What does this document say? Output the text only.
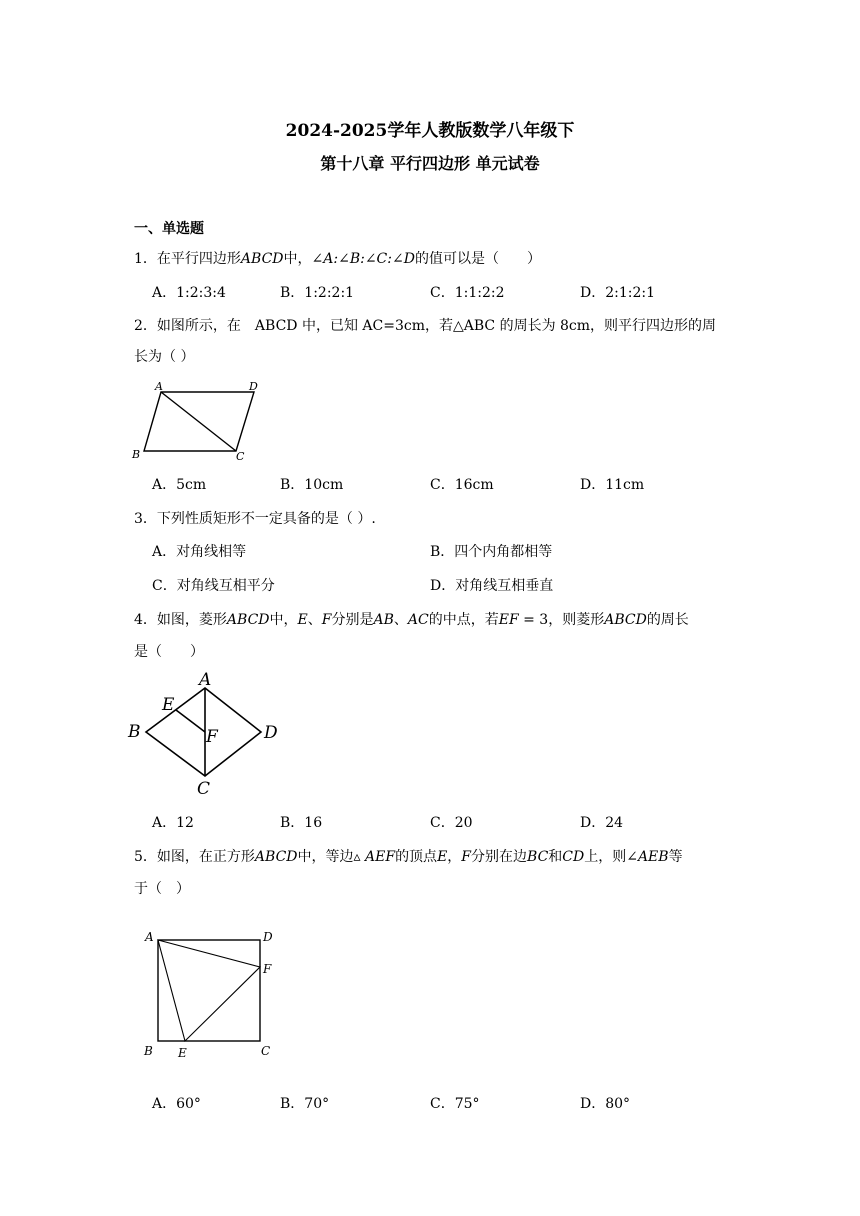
2024-2025学年人教版数学八年级下
第十八章 平行四边形 单元试卷
一、单选题
1．在平行四边形ABCD中，∠A:∠B:∠C:∠D的值可以是（　　）
A．1:2:3:4	B．1:2:2:1	C．1:1:2:2	D．2:1:2:1
2．如图所示，在　ABCD 中，已知 AC=3cm，若△ABC 的周长为 8cm，则平行四边形的周
长为（ ）
A	D
B	C
A．5cm	B．10cm	C．16cm	D．11cm
3．下列性质矩形不一定具备的是（ ）.
A．对角线相等	B．四个内角都相等
C．对角线互相平分	D．对角线互相垂直
4．如图，菱形ABCD中，E、F分别是AB、AC的中点，若EF = 3，则菱形ABCD的周长
是（　　）
A
E
B	F	D
C
A．12	B．16	C．20	D．24
5．如图，在正方形ABCD中，等边▵ AEF的顶点E，F分别在边BC和CD上，则∠AEB等
于（　）
A	D
F
B E	C
A．60°	B．70°	C．75°	D．80°
